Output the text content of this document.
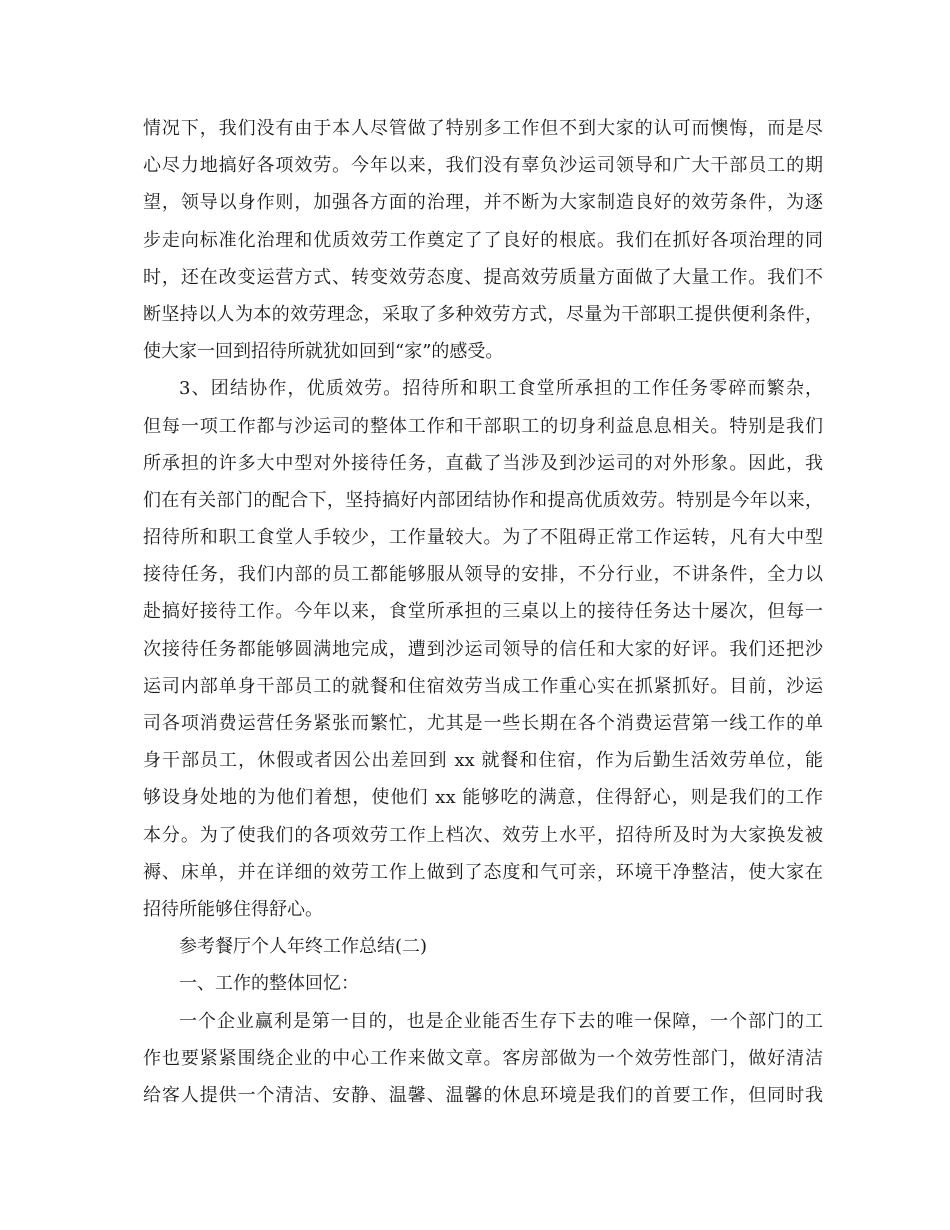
情况下，我们没有由于本人尽管做了特别多工作但不到大家的认可而懊悔，而是尽
心尽力地搞好各项效劳。今年以来，我们没有辜负沙运司领导和广大干部员工的期
望，领导以身作则，加强各方面的治理，并不断为大家制造良好的效劳条件，为逐
步走向标准化治理和优质效劳工作奠定了了良好的根底。我们在抓好各项治理的同
时，还在改变运营方式、转变效劳态度、提高效劳质量方面做了大量工作。我们不
断坚持以人为本的效劳理念，采取了多种效劳方式，尽量为干部职工提供便利条件，
使大家一回到招待所就犹如回到“家”的感受。
3、团结协作，优质效劳。招待所和职工食堂所承担的工作任务零碎而繁杂，
但每一项工作都与沙运司的整体工作和干部职工的切身利益息息相关。特别是我们
所承担的许多大中型对外接待任务，直截了当涉及到沙运司的对外形象。因此，我
们在有关部门的配合下，坚持搞好内部团结协作和提高优质效劳。特别是今年以来，
招待所和职工食堂人手较少，工作量较大。为了不阻碍正常工作运转，凡有大中型
接待任务，我们内部的员工都能够服从领导的安排，不分行业，不讲条件，全力以
赴搞好接待工作。今年以来，食堂所承担的三桌以上的接待任务达十屡次，但每一
次接待任务都能够圆满地完成，遭到沙运司领导的信任和大家的好评。我们还把沙
运司内部单身干部员工的就餐和住宿效劳当成工作重心实在抓紧抓好。目前，沙运
司各项消费运营任务紧张而繁忙，尤其是一些长期在各个消费运营第一线工作的单
身干部员工，休假或者因公出差回到 xx 就餐和住宿，作为后勤生活效劳单位，能
够设身处地的为他们着想，使他们 xx 能够吃的满意，住得舒心，则是我们的工作
本分。为了使我们的各项效劳工作上档次、效劳上水平，招待所及时为大家换发被
褥、床单，并在详细的效劳工作上做到了态度和气可亲，环境干净整洁，使大家在
招待所能够住得舒心。
参考餐厅个人年终工作总结(二)
一、工作的整体回忆：
一个企业赢利是第一目的，也是企业能否生存下去的唯一保障，一个部门的工
作也要紧紧围绕企业的中心工作来做文章。客房部做为一个效劳性部门，做好清洁
给客人提供一个清洁、安静、温馨、温馨的休息环境是我们的首要工作，但同时我
